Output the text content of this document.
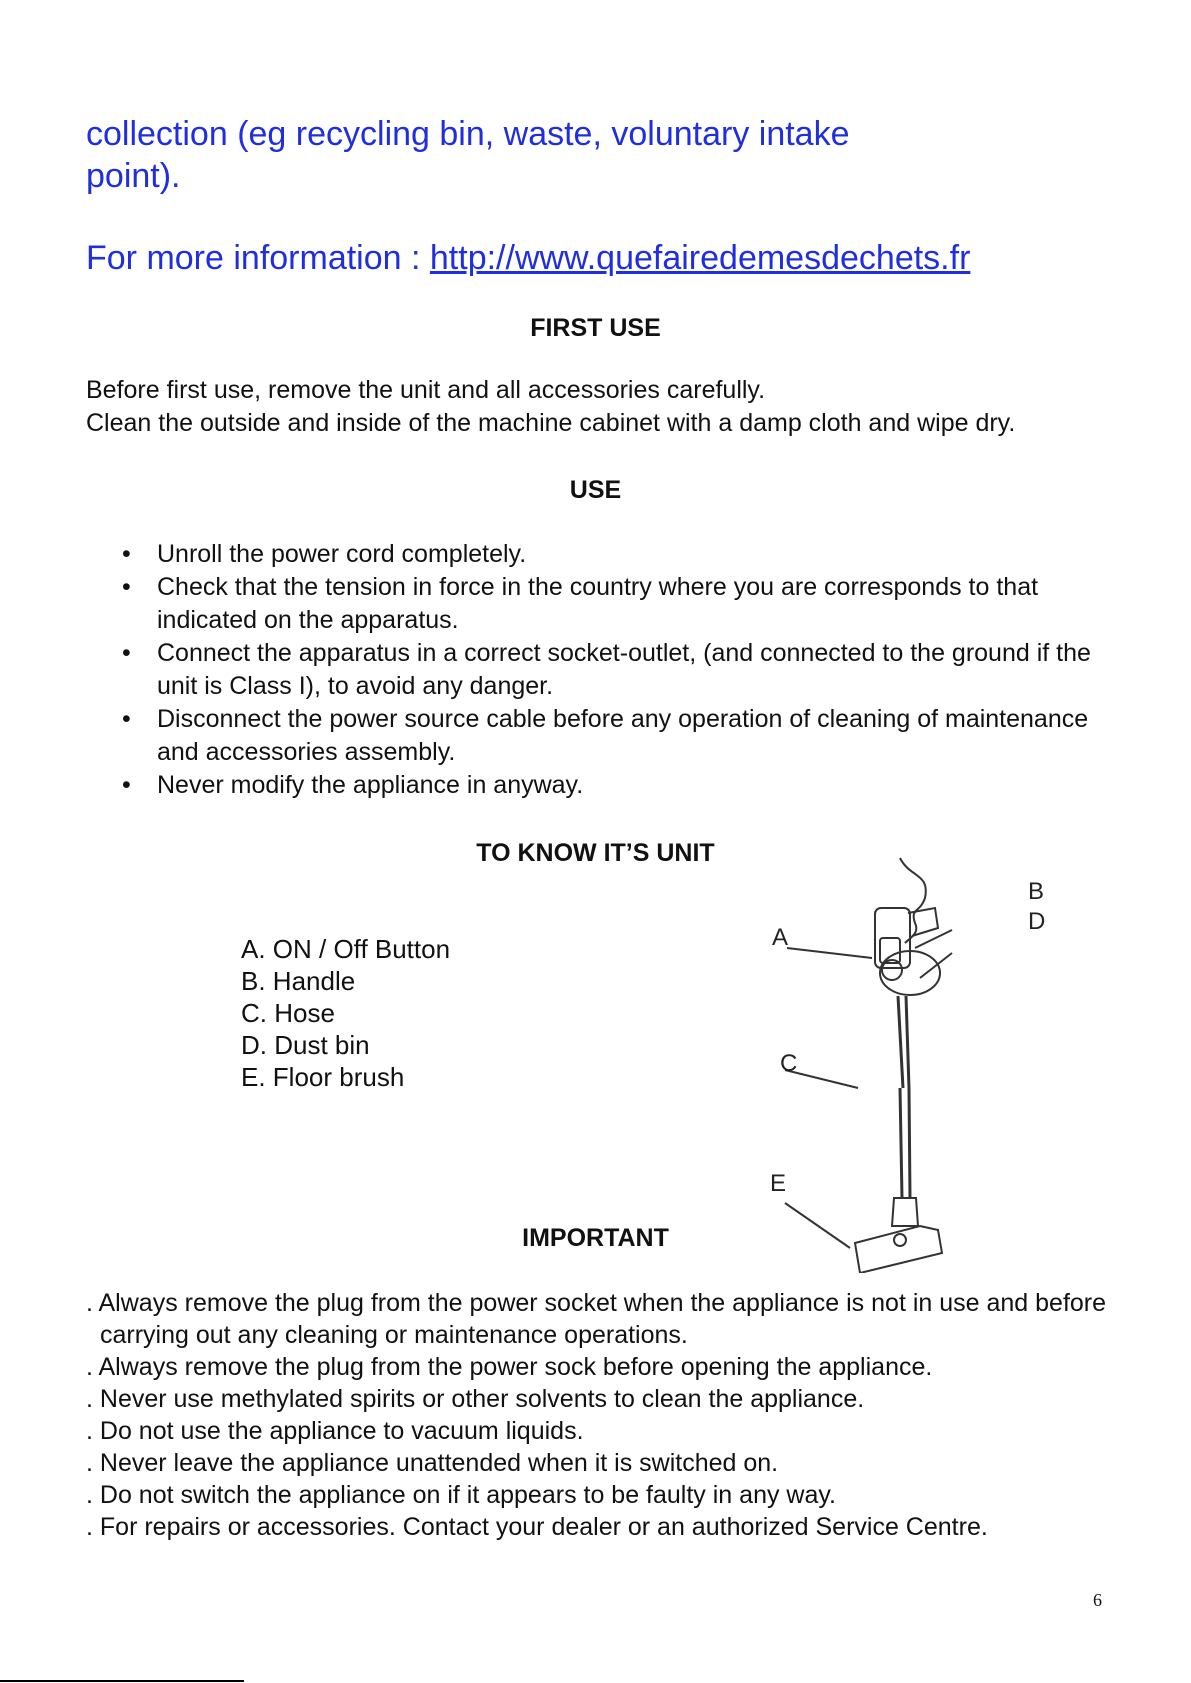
collection (eg recycling bin, waste, voluntary intake
point).
For more information : http://www.quefairedemesdechets.fr
FIRST USE
Before first use, remove the unit and all accessories carefully.
Clean the outside and inside of the machine cabinet with a damp cloth and wipe dry.
USE
• Unroll the power cord completely.
• Check that the tension in force in the country where you are corresponds to that indicated on the apparatus.
• Connect the apparatus in a correct socket-outlet, (and connected to the ground if the unit is Class I), to avoid any danger.
• Disconnect the power source cable before any operation of cleaning of maintenance and accessories assembly.
• Never modify the appliance in anyway.
TO KNOW IT’S UNIT
A. ON / Off Button
B. Handle
C. Hose
D. Dust bin
E. Floor brush
A
B
D
C
E
IMPORTANT
. Always remove the plug from the power socket when the appliance is not in use and before carrying out any cleaning or maintenance operations.
. Always remove the plug from the power sock before opening the appliance.
. Never use methylated spirits or other solvents to clean the appliance.
. Do not use the appliance to vacuum liquids.
. Never leave the appliance unattended when it is switched on.
. Do not switch the appliance on if it appears to be faulty in any way.
. For repairs or accessories. Contact your dealer or an authorized Service Centre.
6
